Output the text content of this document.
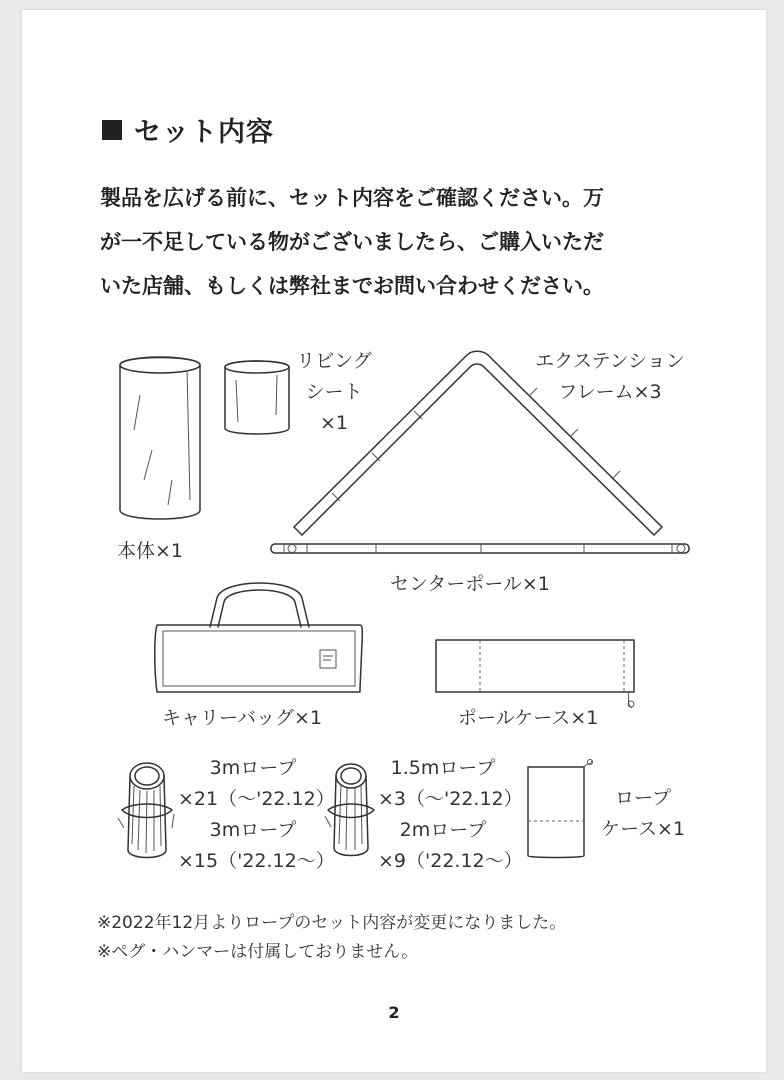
セット内容
製品を広げる前に、セット内容をご確認ください。万
が一不足している物がございましたら、ご購入いただ
いた店舗、もしくは弊社までお問い合わせください。
本体×1
リビング
シート
×1
エクステンション
フレーム×3
センターポール×1
キャリーバッグ×1	ポールケース×1
3mロープ
×21（〜'22.12）
3mロープ
×15（'22.12〜）
1.5mロープ
×3（〜'22.12）
2mロープ
×9（'22.12〜）
ロープ
ケース×1
※2022年12月よりロープのセット内容が変更になりました。
※ペグ・ハンマーは付属しておりません。
2
